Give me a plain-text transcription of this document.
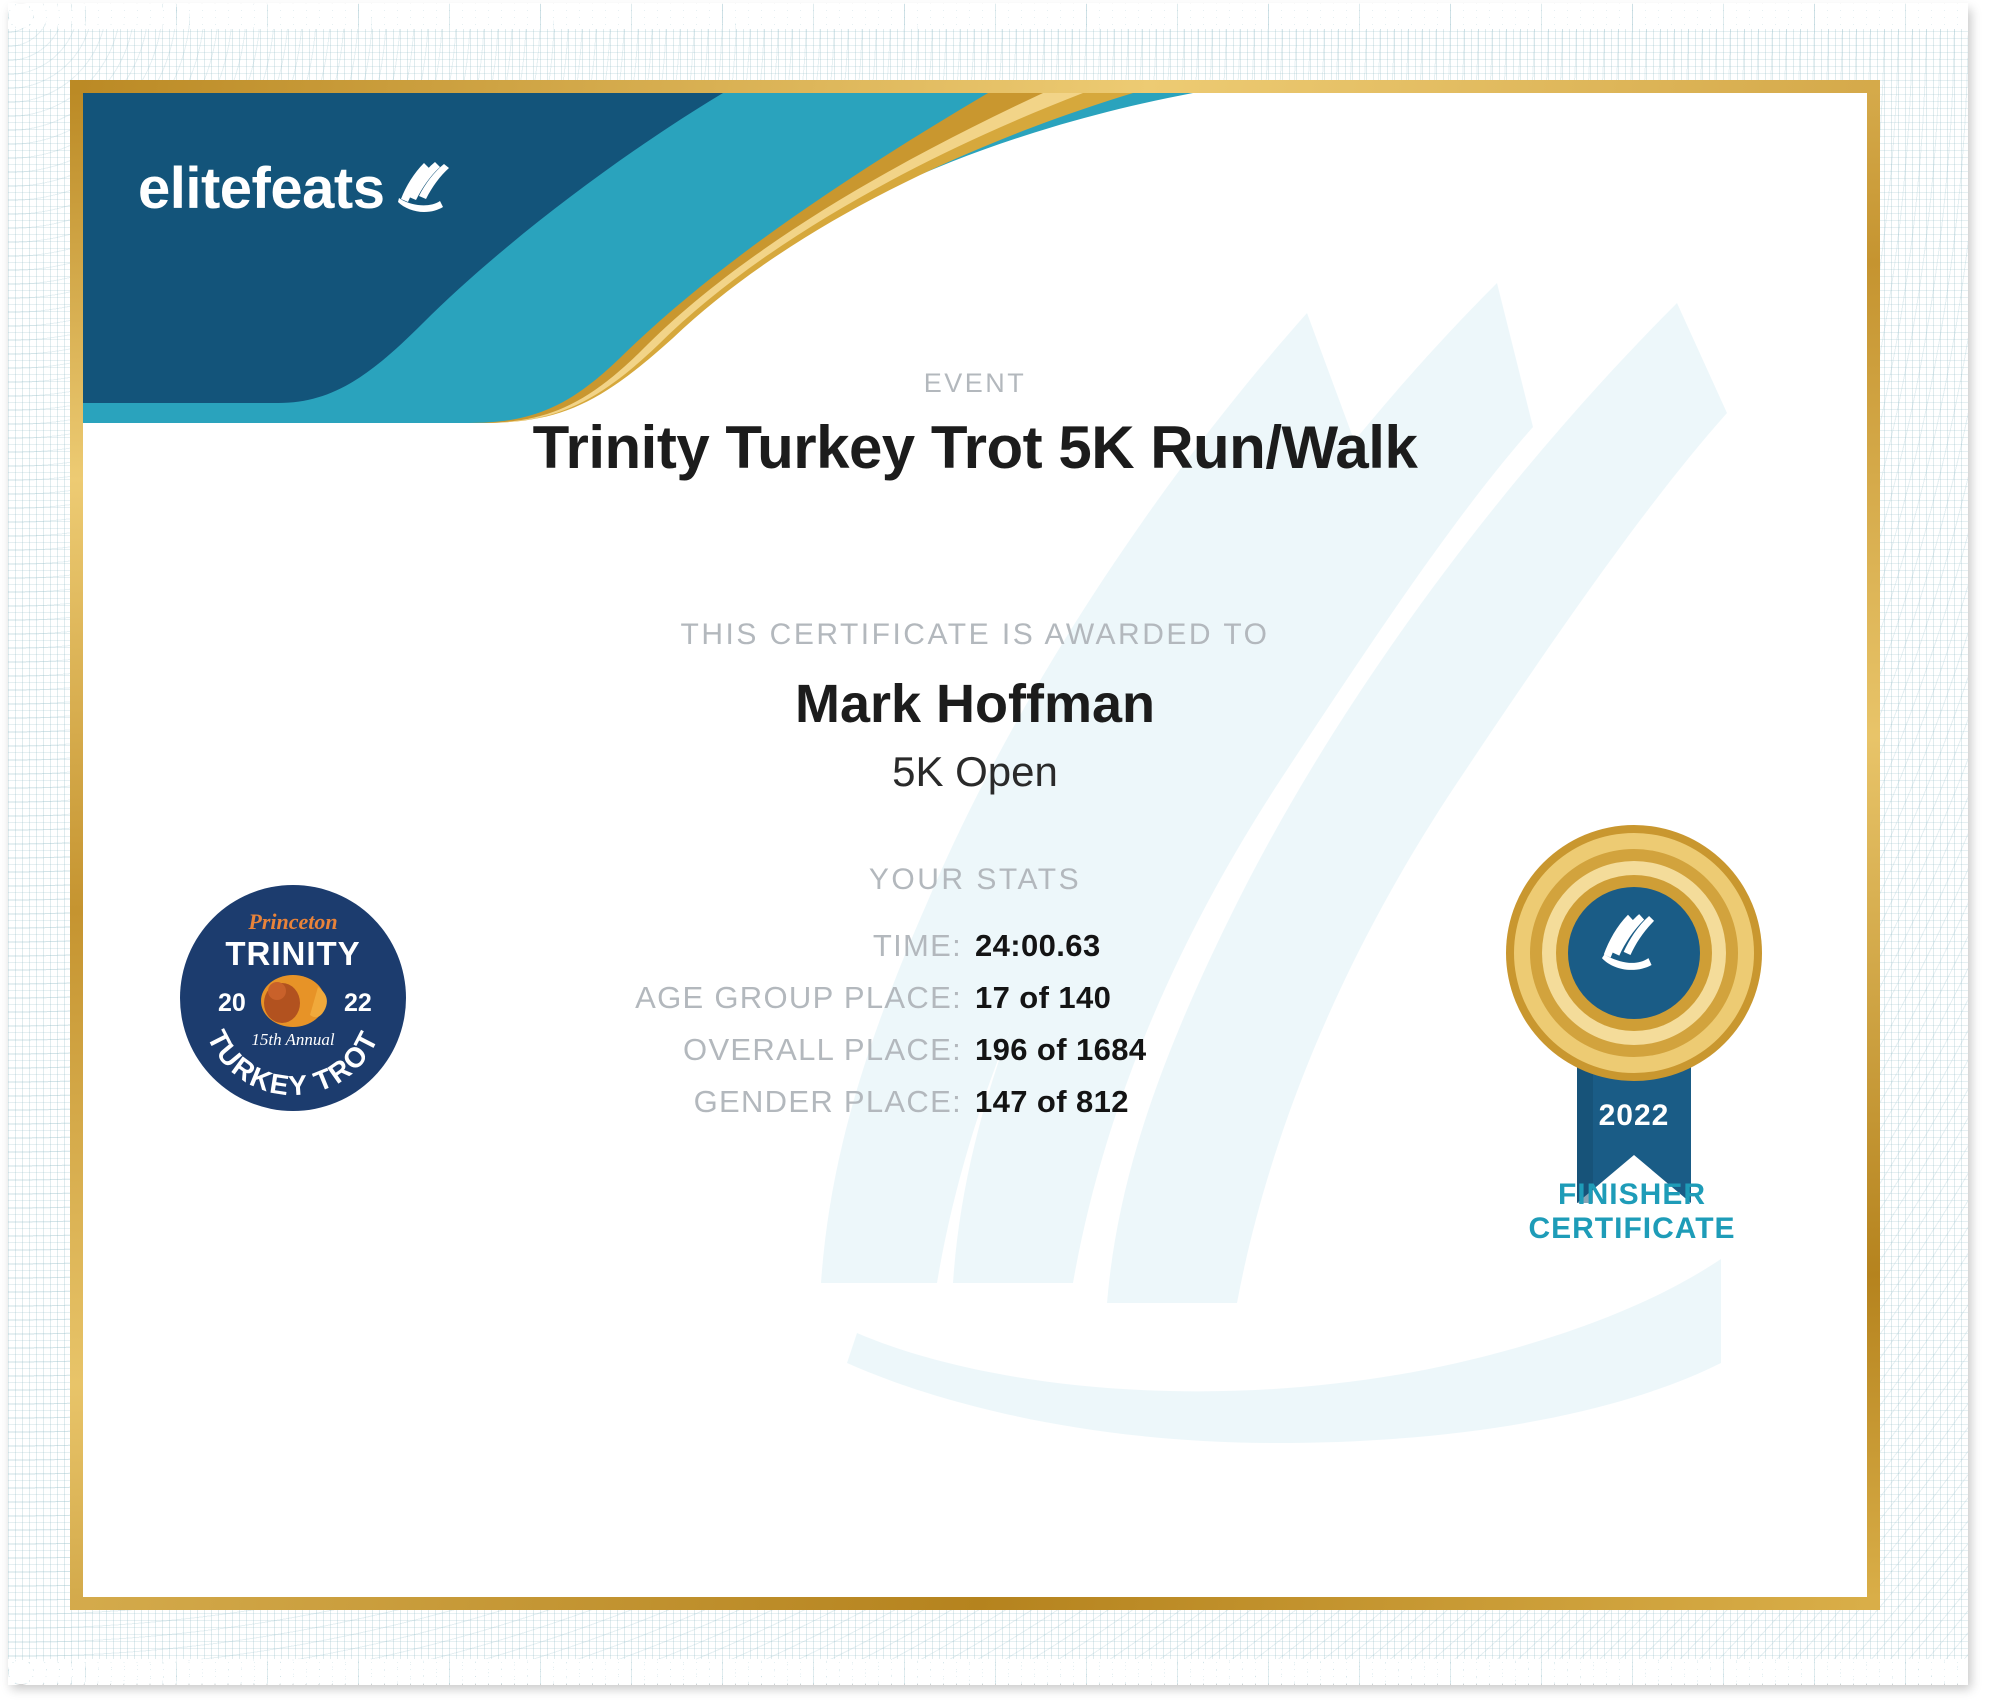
elitefeats
EVENT
Trinity Turkey Trot 5K Run/Walk
THIS CERTIFICATE IS AWARDED TO
Mark Hoffman
5K Open
YOUR STATS
TIME: 24:00.63
AGE GROUP PLACE: 17 of 140
OVERALL PLACE: 196 of 1684
GENDER PLACE: 147 of 812
Princeton
TRINITY
20	22
15th Annual
TURKEY TROT
2022
FINISHER
CERTIFICATE
